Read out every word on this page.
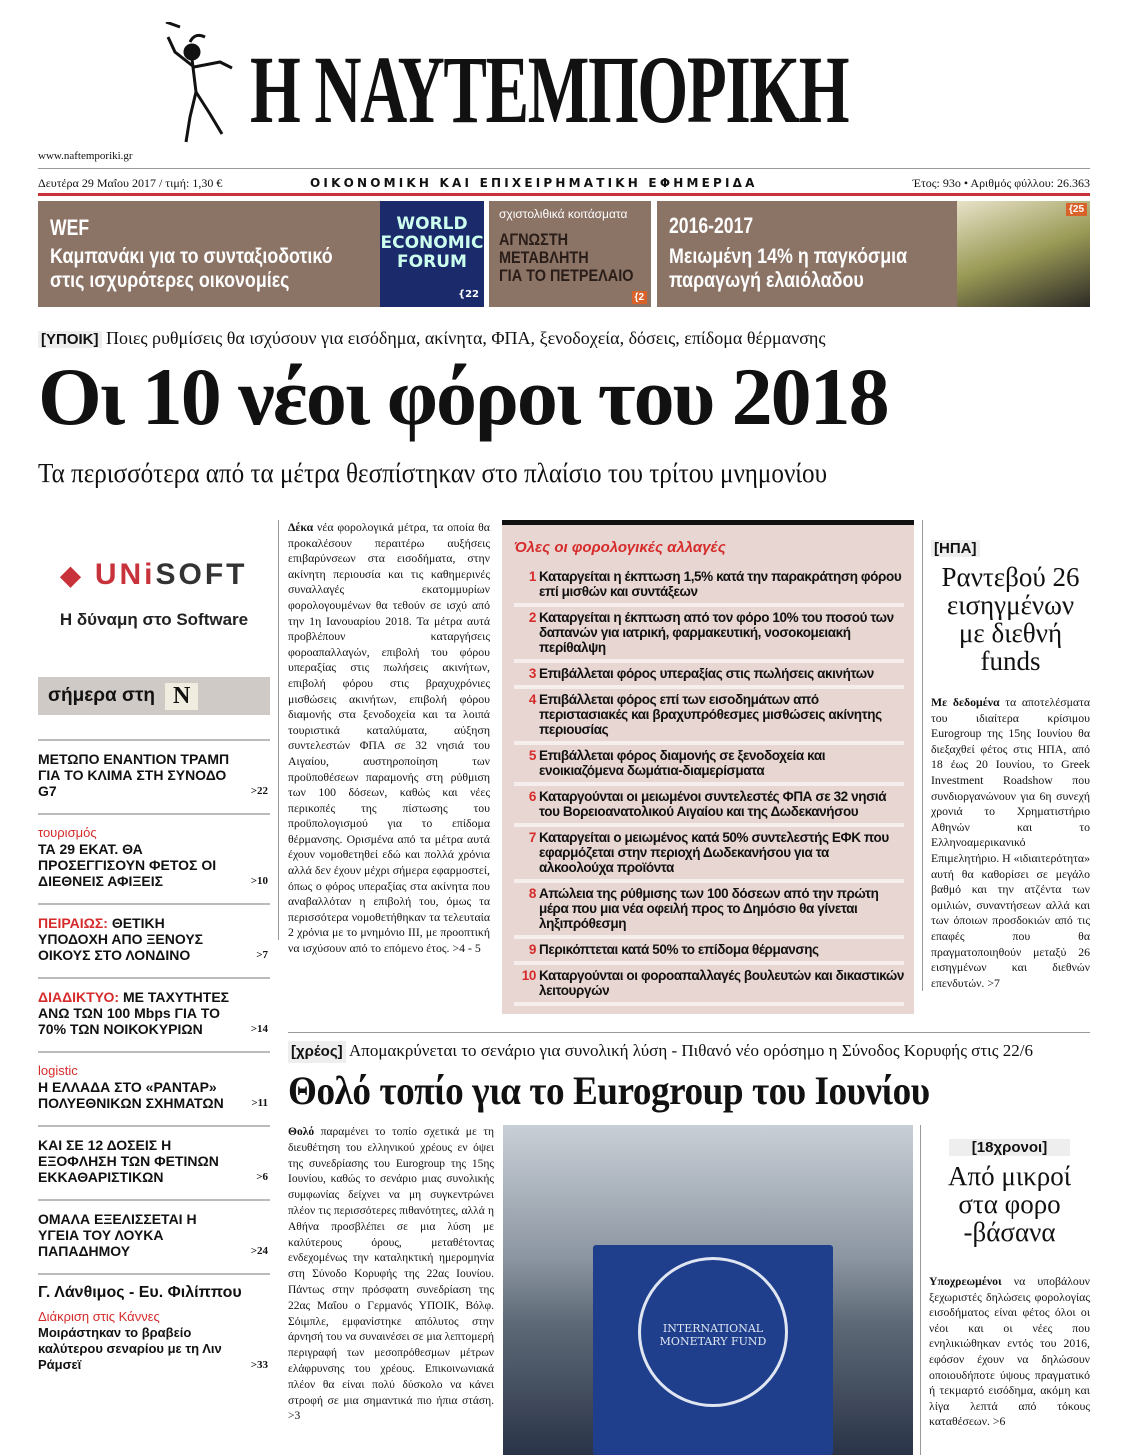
Η ΝΑΥΤΕΜΠΟΡΙΚΗ
www.naftemporiki.gr
Δευτέρα 29 Μαΐου 2017 / τιμή: 1,30 €	ΟΙΚΟΝΟΜΙΚΗ ΚΑΙ ΕΠΙΧΕΙΡΗΜΑΤΙΚΗ ΕΦΗΜΕΡΙΔΑ	Έτος: 93ο • Αριθμός φύλλου: 26.363
WEF
Καμπανάκι για το συνταξιοδοτικό
στις ισχυρότερες οικονομίες
WORLD
ECONOMIC
FORUM
{22
σχιστολιθικά κοιτάσματα
ΑΓΝΩΣΤΗ
ΜΕΤΑΒΛΗΤΗ
ΓΙΑ ΤΟ ΠΕΤΡΕΛΑΙΟ
{2
2016-2017
Μειωμένη 14% η παγκόσμια
παραγωγή ελαιόλαδου
{25
[ΥΠΟΙΚ] Ποιες ρυθμίσεις θα ισχύσουν για εισόδημα, ακίνητα, ΦΠΑ, ξενοδοχεία, δόσεις, επίδομα θέρμανσης
Οι 10 νέοι φόροι του 2018
Τα περισσότερα από τα μέτρα θεσπίστηκαν στο πλαίσιο του τρίτου μνημονίου
◆ UNiSOFT
Η δύναμη στο Software
σήμερα στη N
ΜΕΤΩΠΟ ΕΝΑΝΤΙΟΝ ΤΡΑΜΠ ΓΙΑ ΤΟ ΚΛΙΜΑ ΣΤΗ ΣΥΝΟΔΟ G7	>22
τουρισμός
ΤΑ 29 ΕΚΑΤ. ΘΑ ΠΡΟΣΕΓΓΙΣΟΥΝ ΦΕΤΟΣ ΟΙ ΔΙΕΘΝΕΙΣ ΑΦΙΞΕΙΣ	>10
ΠΕΙΡΑΙΩΣ: ΘΕΤΙΚΗ ΥΠΟΔΟΧΗ ΑΠΟ ΞΕΝΟΥΣ ΟΙΚΟΥΣ ΣΤΟ ΛΟΝΔΙΝΟ	>7
ΔΙΑΔΙΚΤΥΟ: ΜΕ ΤΑΧΥΤΗΤΕΣ ΑΝΩ ΤΩΝ 100 Mbps ΓΙΑ ΤΟ 70% ΤΩΝ ΝΟΙΚΟΚΥΡΙΩΝ	>14
logistic
Η ΕΛΛΑΔΑ ΣΤΟ «ΡΑΝΤΑΡ» ΠΟΛΥΕΘΝΙΚΩΝ ΣΧΗΜΑΤΩΝ	>11
ΚΑΙ ΣΕ 12 ΔΟΣΕΙΣ Η ΕΞΟΦΛΗΣΗ ΤΩΝ ΦΕΤΙΝΩΝ ΕΚΚΑΘΑΡΙΣΤΙΚΩΝ	>6
ΟΜΑΛΑ ΕΞΕΛΙΣΣΕΤΑΙ Η ΥΓΕΙΑ ΤΟΥ ΛΟΥΚΑ ΠΑΠΑΔΗΜΟΥ	>24
Γ. Λάνθιμος - Ευ. Φιλίππου
Διάκριση στις Κάννες
Μοιράστηκαν το βραβείο καλύτερου σεναρίου με τη Λιν Ράμσεϊ	>33
Δέκα νέα φορολογικά μέτρα, τα οποία θα προκαλέσουν περαιτέρω αυξήσεις επιβαρύνσεων στα εισοδήματα, στην ακίνητη περιουσία και τις καθημερινές συναλλαγές εκατομμυρίων φορολογουμένων θα τεθούν σε ισχύ από την 1η Ιανουαρίου 2018. Τα μέτρα αυτά προβλέπουν καταργήσεις φοροαπαλλαγών, επιβολή του φόρου υπεραξίας στις πωλήσεις ακινήτων, επιβολή φόρου στις βραχυχρόνιες μισθώσεις ακινήτων, επιβολή φόρου διαμονής στα ξενοδοχεία και τα λοιπά τουριστικά καταλύματα, αύξηση συντελεστών ΦΠΑ σε 32 νησιά του Αιγαίου, αυστηροποίηση των προϋποθέσεων παραμονής στη ρύθμιση των 100 δόσεων, καθώς και νέες περικοπές της πίστωσης του προϋπολογισμού για το επίδομα θέρμανσης. Ορισμένα από τα μέτρα αυτά έχουν νομοθετηθεί εδώ και πολλά χρόνια αλλά δεν έχουν μέχρι σήμερα εφαρμοστεί, όπως ο φόρος υπεραξίας στα ακίνητα που αναβαλλόταν η επιβολή του, όμως τα περισσότερα νομοθετήθηκαν τα τελευταία 2 χρόνια με το μνημόνιο ΙΙΙ, με προοπτική να ισχύσουν από το επόμενο έτος. >4 - 5
Όλες οι φορολογικές αλλαγές
1 Καταργείται η έκπτωση 1,5% κατά την παρακράτηση φόρου επί μισθών και συντάξεων
2 Καταργείται η έκπτωση από τον φόρο 10% του ποσού των δαπανών για ιατρική, φαρμακευτική, νοσοκομειακή περίθαλψη
3 Επιβάλλεται φόρος υπεραξίας στις πωλήσεις ακινήτων
4 Επιβάλλεται φόρος επί των εισοδημάτων από περιστασιακές και βραχυπρόθεσμες μισθώσεις ακίνητης περιουσίας
5 Επιβάλλεται φόρος διαμονής σε ξενοδοχεία και ενοικιαζόμενα δωμάτια-διαμερίσματα
6 Καταργούνται οι μειωμένοι συντελεστές ΦΠΑ σε 32 νησιά του Βορειοανατολικού Αιγαίου και της Δωδεκανήσου
7 Καταργείται ο μειωμένος κατά 50% συντελεστής ΕΦΚ που εφαρμόζεται στην περιοχή Δωδεκανήσου για τα αλκοολούχα προϊόντα
8 Απώλεια της ρύθμισης των 100 δόσεων από την πρώτη μέρα που μια νέα οφειλή προς το Δημόσιο θα γίνεται ληξιπρόθεσμη
9 Περικόπτεται κατά 50% το επίδομα θέρμανσης
10 Καταργούνται οι φοροαπαλλαγές βουλευτών και δικαστικών λειτουργών
[ΗΠΑ]
Ραντεβού 26 εισηγμένων με διεθνή funds
Με δεδομένα τα αποτελέσματα του ιδιαίτερα κρίσιμου Eurogroup της 15ης Ιουνίου θα διεξαχθεί φέτος στις ΗΠΑ, από 18 έως 20 Ιουνίου, το Greek Investment Roadshow που συνδιοργανώνουν για 6η συνεχή χρονιά το Χρηματιστήριο Αθηνών και το Ελληνοαμερικανικό Επιμελητήριο. Η «ιδιαιτερότητα» αυτή θα καθορίσει σε μεγάλο βαθμό και την ατζέντα των ομιλιών, συναντήσεων αλλά και των όποιων προσδοκιών από τις επαφές που θα πραγματοποιηθούν μεταξύ 26 εισηγμένων και διεθνών επενδυτών. >7
[χρέος] Απομακρύνεται το σενάριο για συνολική λύση - Πιθανό νέο ορόσημο η Σύνοδος Κορυφής στις 22/6
Θολό τοπίο για το Eurogroup του Ιουνίου
Θολό παραμένει το τοπίο σχετικά με τη διευθέτηση του ελληνικού χρέους εν όψει της συνεδρίασης του Eurogroup της 15ης Ιουνίου, καθώς το σενάριο μιας συνολικής συμφωνίας δείχνει να μη συγκεντρώνει πλέον τις περισσότερες πιθανότητες, αλλά η Αθήνα προσβλέπει σε μια λύση με καλύτερους όρους, μεταθέτοντας ενδεχομένως την καταληκτική ημερομηνία στη Σύνοδο Κορυφής της 22ας Ιουνίου. Πάντως στην πρόσφατη συνεδρίαση της 22ας Μαΐου ο Γερμανός ΥΠΟΙΚ, Βόλφ. Σόιμπλε, εμφανίστηκε απόλυτος στην άρνησή του να συναινέσει σε μια λεπτομερή περιγραφή των μεσοπρόθεσμων μέτρων ελάφρυνσης του χρέους. Επικοινωνιακά πλέον θα είναι πολύ δύσκολο να κάνει στροφή σε μια σημαντικά πιο ήπια στάση. >3
INTERNATIONAL MONETARY FUND
[18χρονοι]
Από μικροί στα φορο -βάσανα
Υποχρεωμένοι να υποβάλουν ξεχωριστές δηλώσεις φορολογίας εισοδήματος είναι φέτος όλοι οι νέοι και οι νέες που ενηλικιώθηκαν εντός του 2016, εφόσον έχουν να δηλώσουν οποιουδήποτε ύψους πραγματικό ή τεκμαρτό εισόδημα, ακόμη και λίγα λεπτά από τόκους καταθέσεων. >6
